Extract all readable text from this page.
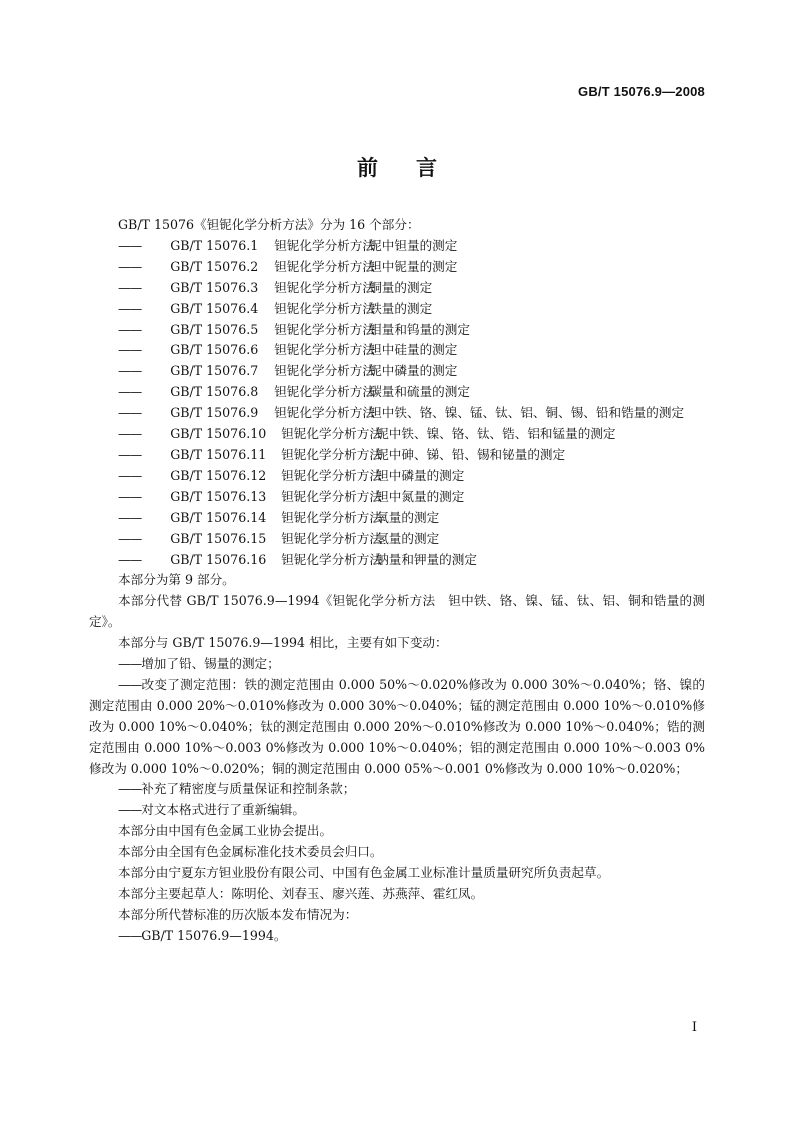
GB/T 15076.9—2008
前言

GB/T 15076《钽铌化学分析方法》分为 16 个部分：

—— GB/T 15076.1 钽铌化学分析方法铌中钽量的测定
—— GB/T 15076.2 钽铌化学分析方法钽中铌量的测定
—— GB/T 15076.3 钽铌化学分析方法铜量的测定
—— GB/T 15076.4 钽铌化学分析方法铁量的测定
—— GB/T 15076.5 钽铌化学分析方法钼量和钨量的测定
—— GB/T 15076.6 钽铌化学分析方法钽中硅量的测定
—— GB/T 15076.7 钽铌化学分析方法铌中磷量的测定
—— GB/T 15076.8 钽铌化学分析方法碳量和硫量的测定
—— GB/T 15076.9 钽铌化学分析方法钽中铁、铬、镍、锰、钛、铝、铜、锡、铅和锆量的测定
—— GB/T 15076.10 钽铌化学分析方法铌中铁、镍、铬、钛、锆、铝和锰量的测定
—— GB/T 15076.11 钽铌化学分析方法铌中砷、锑、铅、锡和铋量的测定
—— GB/T 15076.12 钽铌化学分析方法钽中磷量的测定
—— GB/T 15076.13 钽铌化学分析方法钽中氮量的测定
—— GB/T 15076.14 钽铌化学分析方法氧量的测定
—— GB/T 15076.15 钽铌化学分析方法氢量的测定
—— GB/T 15076.16 钽铌化学分析方法钠量和钾量的测定

本部分为第 9 部分。

本部分代替 GB/T 15076.9—1994《钽铌化学分析方法　钽中铁、铬、镍、锰、钛、铝、铜和锆量的测定》。

本部分与 GB/T 15076.9—1994 相比，主要有如下变动：

——增加了铅、锡量的测定；

——改变了测定范围：铁的测定范围由 0.000 50%～0.020%修改为 0.000 30%～0.040%；铬、镍的测定范围由 0.000 20%～0.010%修改为 0.000 30%～0.040%；锰的测定范围由 0.000 10%～0.010%修改为 0.000 10%～0.040%；钛的测定范围由 0.000 20%～0.010%修改为 0.000 10%～0.040%；锆的测定范围由 0.000 10%～0.003 0%修改为 0.000 10%～0.040%；铝的测定范围由 0.000 10%～0.003 0%修改为 0.000 10%～0.020%；铜的测定范围由 0.000 05%～0.001 0%修改为 0.000 10%～0.020%；

——补充了精密度与质量保证和控制条款；

——对文本格式进行了重新编辑。

本部分由中国有色金属工业协会提出。

本部分由全国有色金属标准化技术委员会归口。

本部分由宁夏东方钽业股份有限公司、中国有色金属工业标准计量质量研究所负责起草。

本部分主要起草人：陈明伦、刘春玉、廖兴莲、苏燕萍、霍红凤。

本部分所代替标准的历次版本发布情况为：

——GB/T 15076.9—1994。

I
